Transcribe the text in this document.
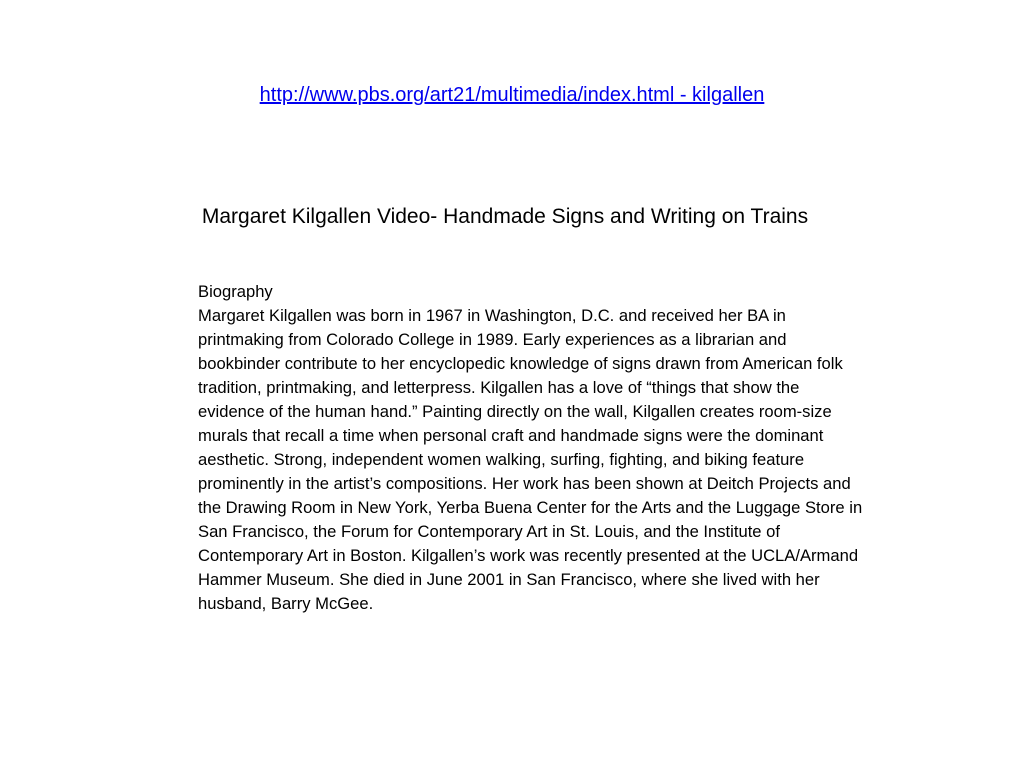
http://www.pbs.org/art21/multimedia/index.html - kilgallen
Margaret Kilgallen Video- Handmade Signs and Writing on Trains
Biography
Margaret Kilgallen was born in 1967 in Washington, D.C. and received her BA in printmaking from Colorado College in 1989. Early experiences as a librarian and bookbinder contribute to her encyclopedic knowledge of signs drawn from American folk tradition, printmaking, and letterpress. Kilgallen has a love of “things that show the evidence of the human hand.” Painting directly on the wall, Kilgallen creates room-size murals that recall a time when personal craft and handmade signs were the dominant aesthetic. Strong, independent women walking, surfing, fighting, and biking feature prominently in the artist’s compositions. Her work has been shown at Deitch Projects and the Drawing Room in New York, Yerba Buena Center for the Arts and the Luggage Store in San Francisco, the Forum for Contemporary Art in St. Louis, and the Institute of Contemporary Art in Boston. Kilgallen’s work was recently presented at the UCLA/Armand Hammer Museum. She died in June 2001 in San Francisco, where she lived with her husband, Barry McGee.
